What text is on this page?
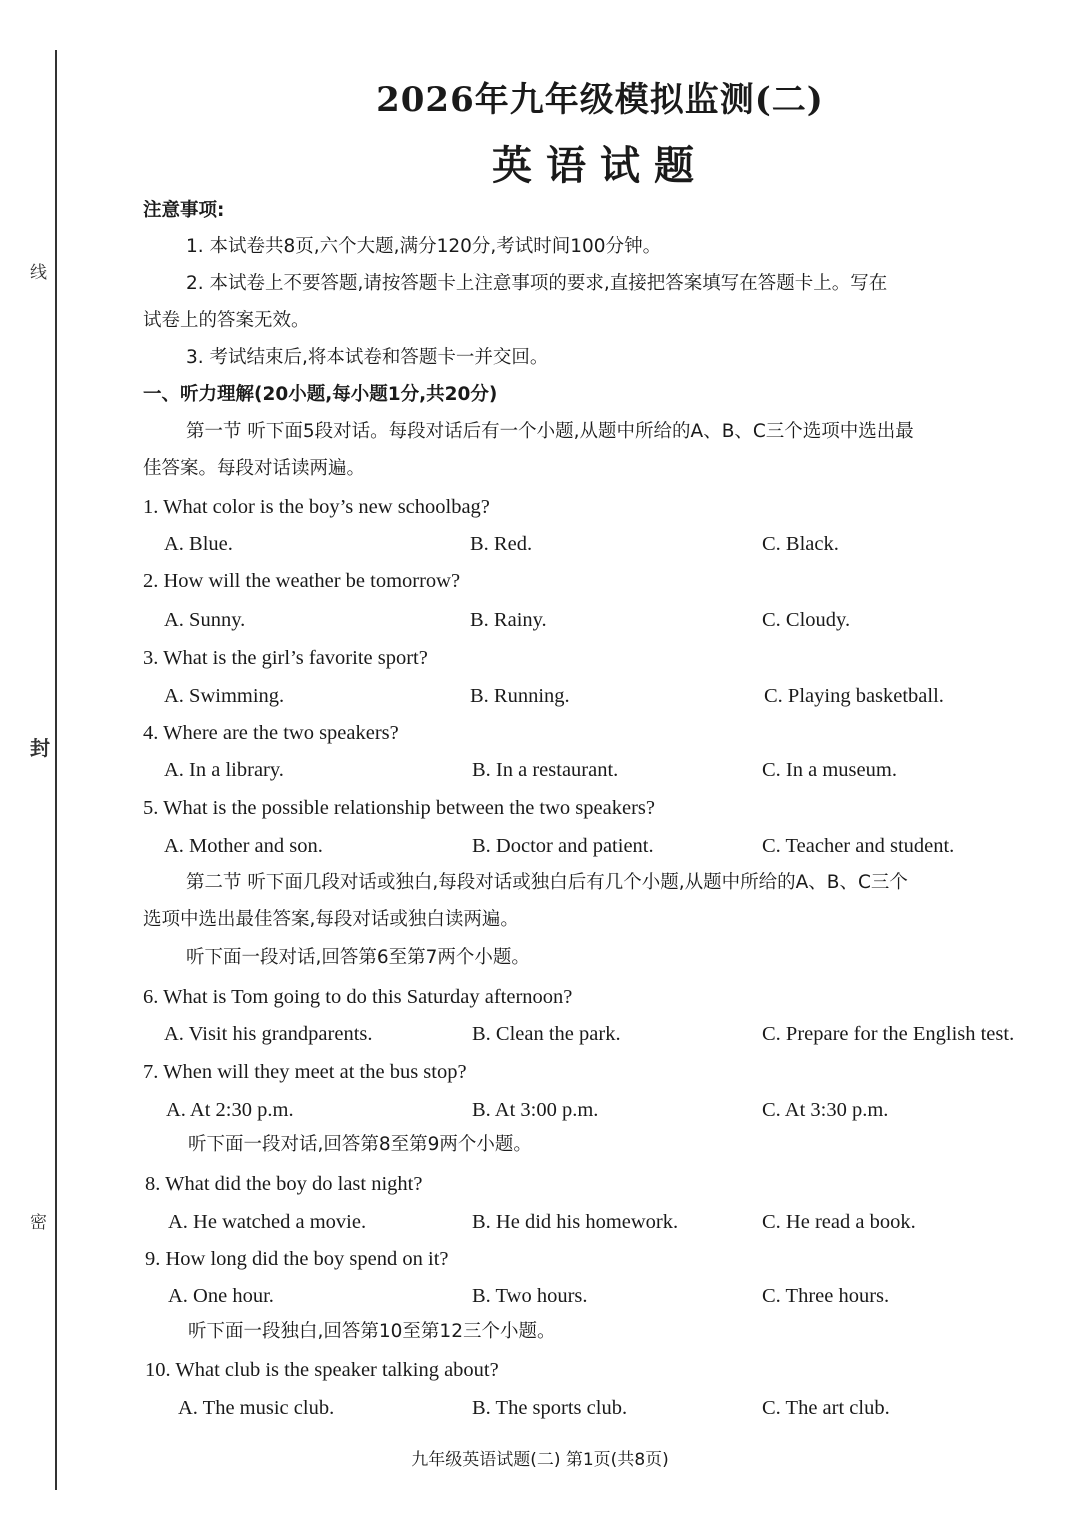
线
封
密
2026年九年级模拟监测(二)
英语试题

注意事项:

1. 本试卷共8页,六个大题,满分120分,考试时间100分钟。

2. 本试卷上不要答题,请按答题卡上注意事项的要求,直接把答案填写在答题卡上。写在

试卷上的答案无效。

3. 考试结束后,将本试卷和答题卡一并交回。

一、听力理解(20小题,每小题1分,共20分)

第一节 听下面5段对话。每段对话后有一个小题,从题中所给的A、B、C三个选项中选出最

佳答案。每段对话读两遍。

1. What color is the boy’s new schoolbag?

A. Blue.	B. Red.	C. Black.

2. How will the weather be tomorrow?

A. Sunny.	B. Rainy.	C. Cloudy.

3. What is the girl’s favorite sport?

A. Swimming.	B. Running.	C. Playing basketball.

4. Where are the two speakers?

A. In a library.	B. In a restaurant.	C. In a museum.

5. What is the possible relationship between the two speakers?

A. Mother and son.	B. Doctor and patient.	C. Teacher and student.

第二节 听下面几段对话或独白,每段对话或独白后有几个小题,从题中所给的A、B、C三个

选项中选出最佳答案,每段对话或独白读两遍。

听下面一段对话,回答第6至第7两个小题。

6. What is Tom going to do this Saturday afternoon?

A. Visit his grandparents.	B. Clean the park.	C. Prepare for the English test.

7. When will they meet at the bus stop?

A. At 2:30 p.m.	B. At 3:00 p.m.	C. At 3:30 p.m.

听下面一段对话,回答第8至第9两个小题。

8. What did the boy do last night?

A. He watched a movie.	B. He did his homework.	C. He read a book.

9. How long did the boy spend on it?

A. One hour.	B. Two hours.	C. Three hours.

听下面一段独白,回答第10至第12三个小题。

10. What club is the speaker talking about?

A. The music club.	B. The sports club.	C. The art club.
九年级英语试题(二) 第1页(共8页)
